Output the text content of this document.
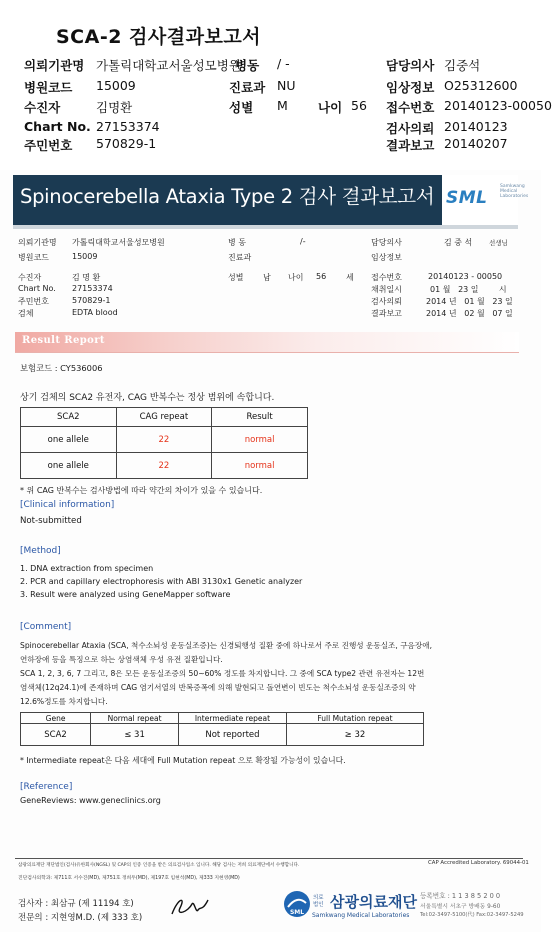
SCA-2 검사결과보고서
의뢰기관명 가톨릭대학교서울성모병원
병동 / -	담당의사 김중석
병원코드 15009	진료과 NU	임상정보 O25312600
수진자	김명환	성별 M 나이 56 접수번호 20140123-00050
Chart No. 27153374	검사의뢰 20140123
주민번호 570829-1	결과보고 20140207
Spinocerebella Ataxia Type 2 검사 결과보고서 SML
Samkwang Medical Laboratories
의뢰기관명 가톨릭대학교서울성모병원	병 동	/-	담당의사	김 중 석	선생님
병원코드	15009	진료과	임상정보
수진자	김 명 환	성별 남 나이 56 세 접수번호	20140123 - 00050
Chart No. 27153374	채취일시	01 월   23 일        시
주민번호	570829-1	검사의뢰	2014 년   01 월   23 일
검체	EDTA blood	결과보고	2014 년   02 월   07 일
Result Report
보험코드 : CY536006
상기 검체의 SCA2 유전자, CAG 반복수는 정상 범위에 속합니다.
SCA2	CAG repeat	Result
one allele	22	normal
one allele	22	normal
* 위 CAG 반복수는 검사방법에 따라 약간의 차이가 있을 수 있습니다.
[Clinical information]
Not-submitted
[Method]
1. DNA extraction from specimen
2. PCR and capillary electrophoresis with ABI 3130x1 Genetic analyzer
3. Result were analyzed using GeneMapper software
[Comment]
Spinocerebellar Ataxia (SCA, 척수소뇌성 운동실조증)는 신경퇴행성 질환 중에 하나로서 주로 진행성 운동실조, 구음장애,
연하장애 등을 특징으로 하는 상염색체 우성 유전 질환입니다.
SCA 1, 2, 3, 6, 7 그리고, 8은 모든 운동실조증의 50~60% 정도를 차지합니다. 그 중에 SCA type2 관련 유전자는 12번
염색체(12q24.1)에 존재하며 CAG 염기서열의 반복증폭에 의해 발현되고 돌연변이 빈도는 척수소뇌성 운동실조증의 약
12.6%정도를 차지합니다.
Gene	Normal repeat	Intermediate repeat	Full Mutation repeat
SCA2	≤ 31	Not reported	≥ 32
* Intermediate repeat은 다음 세대에 Full Mutation repeat 으로 확장될 가능성이 있습니다.
[Reference]
GeneReviews: www.geneclinics.org
삼광의료재단 재단법인(검사)유한회사(NGSL) 및 CAP의 인증 인증을 받은 의료검사업소 입니다. 해당 검사는 저희 의료재단에서 수행합니다.	CAP Accredited Laboratory. 69044-01
진단검사의학과: 제711호 서수진(MD), 제751호 정희두(MD), 제197호 임현석(MD), 제333 지현영(MD)
검사자 : 최삼규 (제 11194 호)
전문의 : 지현영M.D. (제 333 호)
SML
의료법인 삼광의료재단
Samkwang Medical Laboratories
등록번호 : 1 1 3 8 5 2 0 0
서울특별시 서초구 방배동 9-60
Tel:02-3497-5100(代) Fax:02-3497-5249
